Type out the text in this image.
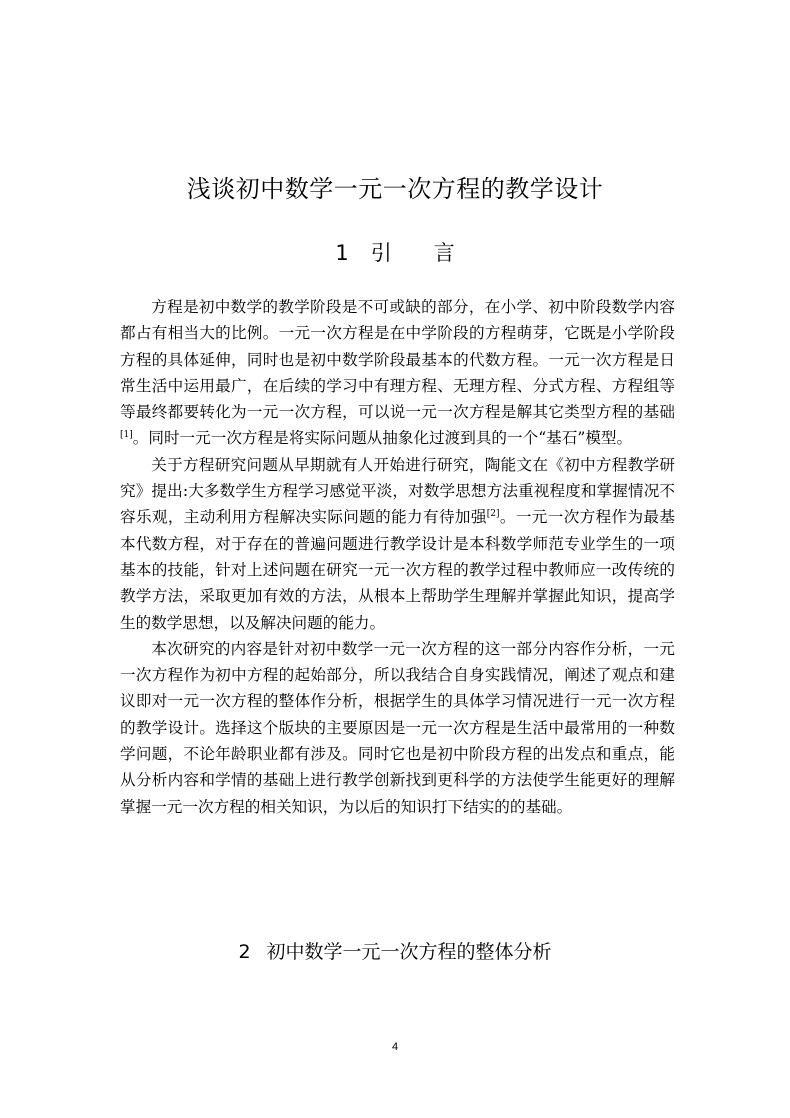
浅谈初中数学一元一次方程的教学设计
1 引 言

方程是初中数学的教学阶段是不可或缺的部分，在小学、初中阶段数学内容都占有相当大的比例。一元一次方程是在中学阶段的方程萌芽，它既是小学阶段方程的具体延伸，同时也是初中数学阶段最基本的代数方程。一元一次方程是日常生活中运用最广，在后续的学习中有理方程、无理方程、分式方程、方程组等等最终都要转化为一元一次方程，可以说一元一次方程是解其它类型方程的基础[1]。同时一元一次方程是将实际问题从抽象化过渡到具的一个“基石”模型。

关于方程研究问题从早期就有人开始进行研究，陶能文在《初中方程教学研究》提出:大多数学生方程学习感觉平淡，对数学思想方法重视程度和掌握情况不容乐观，主动利用方程解决实际问题的能力有待加强[2]。一元一次方程作为最基本代数方程，对于存在的普遍问题进行教学设计是本科数学师范专业学生的一项基本的技能，针对上述问题在研究一元一次方程的教学过程中教师应一改传统的教学方法，采取更加有效的方法，从根本上帮助学生理解并掌握此知识，提高学生的数学思想，以及解决问题的能力。

本次研究的内容是针对初中数学一元一次方程的这一部分内容作分析，一元一次方程作为初中方程的起始部分，所以我结合自身实践情况，阐述了观点和建议即对一元一次方程的整体作分析，根据学生的具体学习情况进行一元一次方程的教学设计。选择这个版块的主要原因是一元一次方程是生活中最常用的一种数学问题，不论年龄职业都有涉及。同时它也是初中阶段方程的出发点和重点，能从分析内容和学情的基础上进行教学创新找到更科学的方法使学生能更好的理解掌握一元一次方程的相关知识，为以后的知识打下结实的的基础。

2 初中数学一元一次方程的整体分析
4
